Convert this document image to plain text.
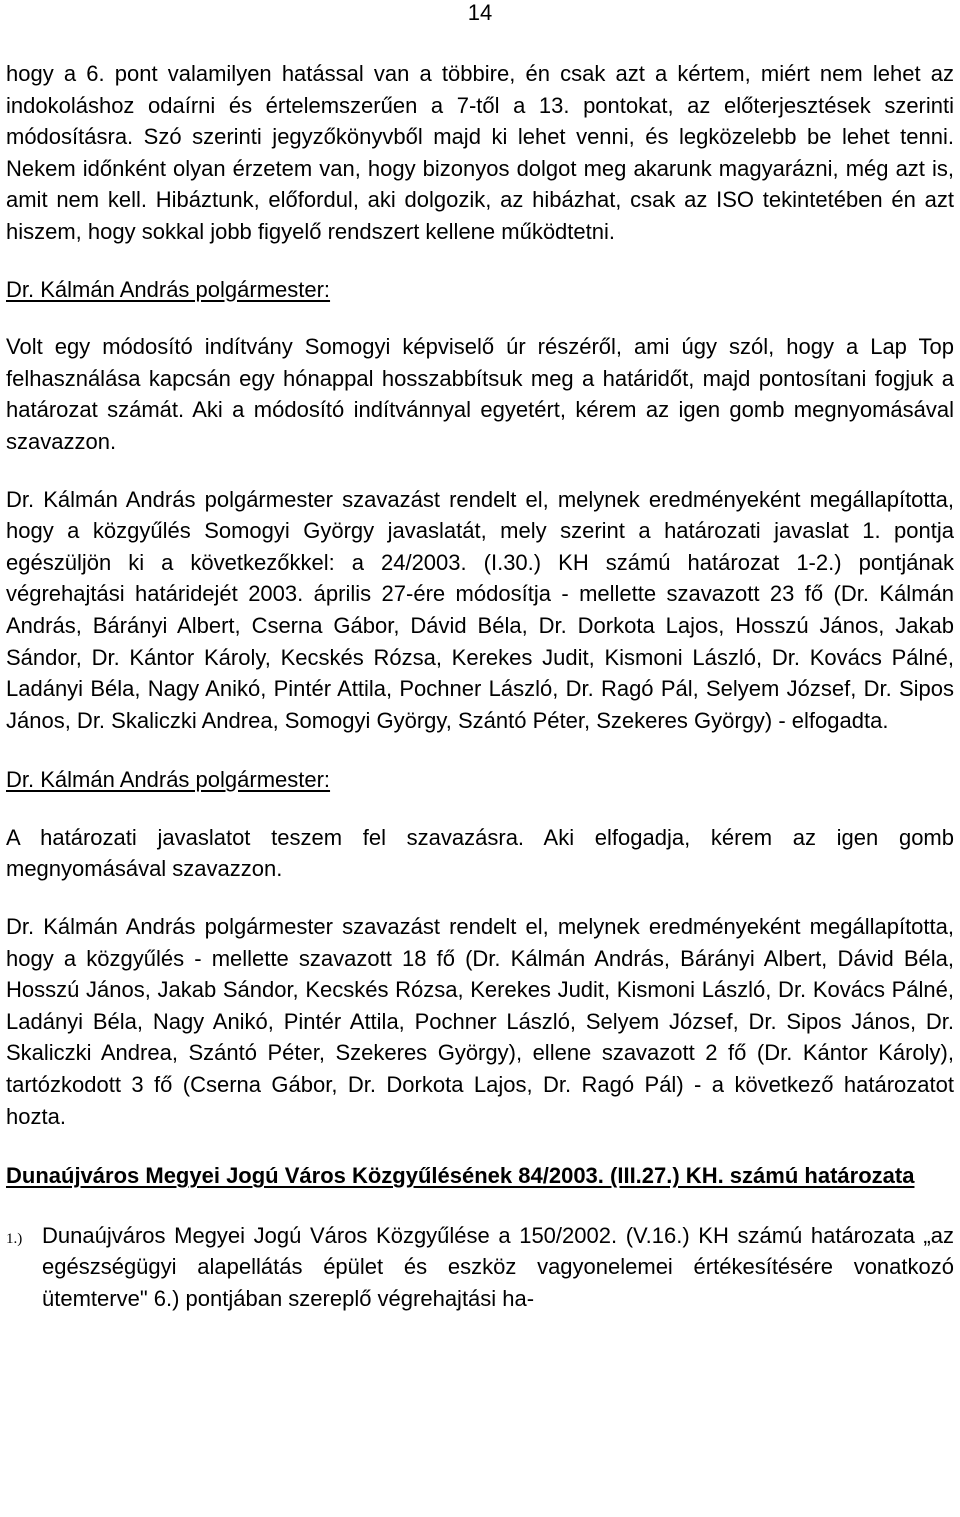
14

hogy a 6. pont valamilyen hatással van a többire, én csak azt a kértem, miért nem lehet az indokoláshoz odaírni és értelemszerűen a 7-től a 13. pontokat, az előterjesztések szerinti módosításra. Szó szerinti jegyzőkönyvből majd ki lehet venni, és legközelebb be lehet tenni. Nekem időnként olyan érzetem van, hogy bizonyos dolgot meg akarunk magyarázni, még azt is, amit nem kell. Hibáztunk, előfordul, aki dolgozik, az hibázhat, csak az ISO tekintetében én azt hiszem, hogy sokkal jobb figyelő rendszert kellene működtetni.

Dr. Kálmán András polgármester:

Volt egy módosító indítvány Somogyi képviselő úr részéről, ami úgy szól, hogy a Lap Top felhasználása kapcsán egy hónappal hosszabbítsuk meg a határidőt, majd pontosítani fogjuk a határozat számát. Aki a módosító indítvánnyal egyetért, kérem az igen gomb megnyomásával szavazzon.

Dr. Kálmán András polgármester szavazást rendelt el, melynek eredményeként megállapította, hogy a közgyűlés Somogyi György javaslatát, mely szerint a határozati javaslat 1. pontja egészüljön ki a következőkkel: a 24/2003. (I.30.) KH számú határozat 1-2.) pontjának végrehajtási határidejét 2003. április 27-ére módosítja - mellette szavazott 23 fő (Dr. Kálmán András, Bárányi Albert, Cserna Gábor, Dávid Béla, Dr. Dorkota Lajos, Hosszú János, Jakab Sándor, Dr. Kántor Károly, Kecskés Rózsa, Kerekes Judit, Kismoni László, Dr. Kovács Pálné, Ladányi Béla, Nagy Anikó, Pintér Attila, Pochner László, Dr. Ragó Pál, Selyem József, Dr. Sipos János, Dr. Skaliczki Andrea, Somogyi György, Szántó Péter, Szekeres György) - elfogadta.

Dr. Kálmán András polgármester:

A határozati javaslatot teszem fel szavazásra. Aki elfogadja, kérem az igen gomb megnyomásával szavazzon.

Dr. Kálmán András polgármester szavazást rendelt el, melynek eredményeként megállapította, hogy a közgyűlés - mellette szavazott 18 fő (Dr. Kálmán András, Bárányi Albert, Dávid Béla, Hosszú János, Jakab Sándor, Kecskés Rózsa, Kerekes Judit, Kismoni László, Dr. Kovács Pálné, Ladányi Béla, Nagy Anikó, Pintér Attila, Pochner László, Selyem József, Dr. Sipos János, Dr. Skaliczki Andrea, Szántó Péter, Szekeres György), ellene szavazott 2 fő (Dr. Kántor Károly), tartózkodott 3 fő (Cserna Gábor, Dr. Dorkota Lajos, Dr. Ragó Pál) - a következő határozatot hozta.

Dunaújváros Megyei Jogú Város Közgyűlésének 84/2003. (III.27.) KH. számú határozata

1.) Dunaújváros Megyei Jogú Város Közgyűlése a 150/2002. (V.16.) KH számú határozata „az egészségügyi alapellátás épület és eszköz vagyonelemei értékesítésére vonatkozó ütemterve" 6.) pontjában szereplő végrehajtási ha-
